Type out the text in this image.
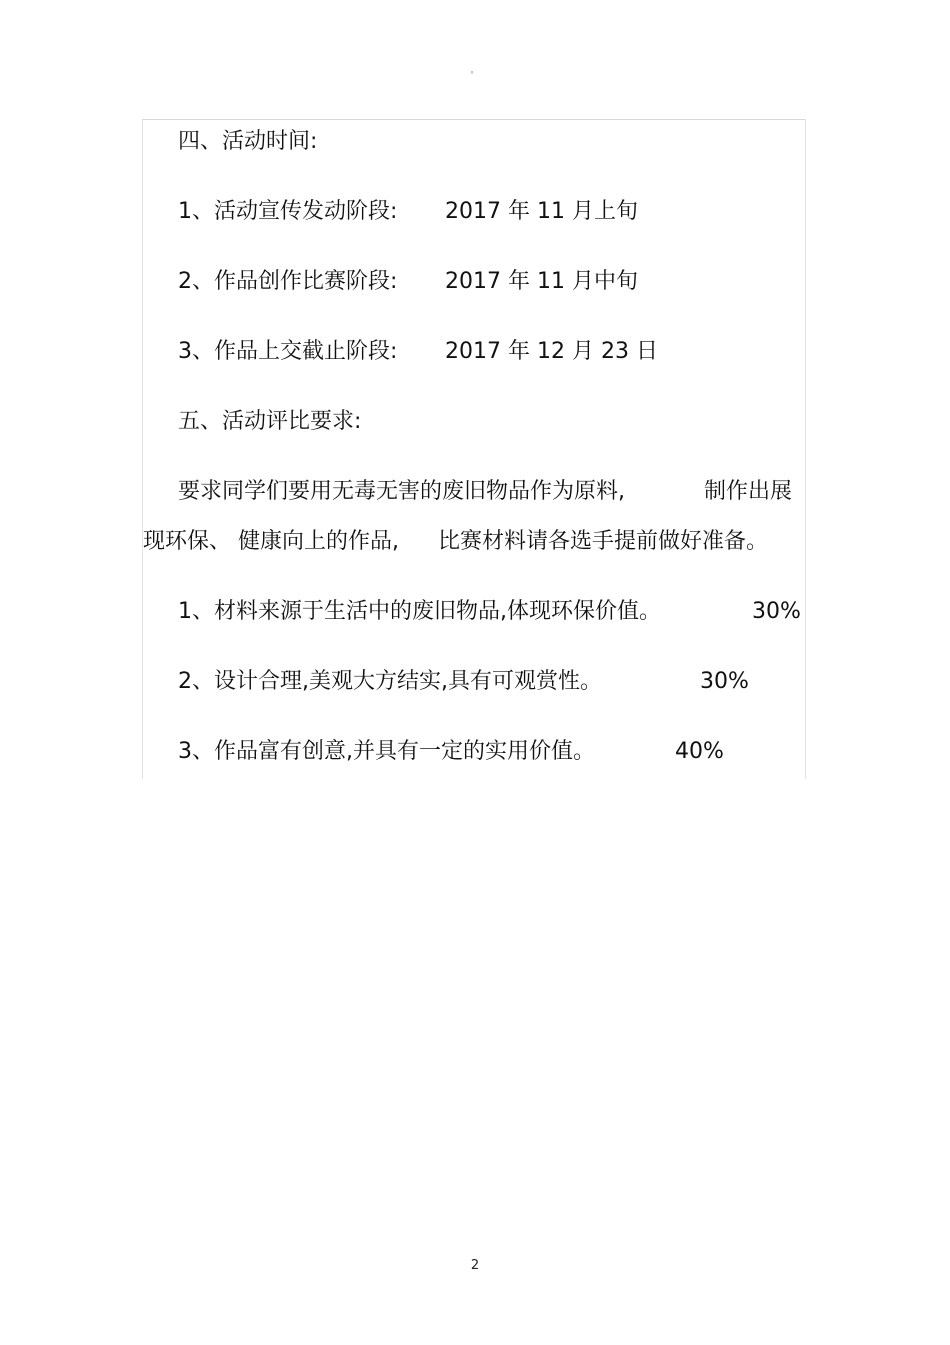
°
四、活动时间:
1、活动宣传发动阶段: 2017 年 11 月上旬
2、作品创作比赛阶段: 2017 年 11 月中旬
3、作品上交截止阶段: 2017 年 12 月 23 日
五、活动评比要求:
要求同学们要用无毒无害的废旧物品作为原料,	制作出展
现环保、 健康向上的作品, 比赛材料请各选手提前做好准备。
1、材料来源于生活中的废旧物品,体现环保价值。	30%
2、设计合理,美观大方结实,具有可观赏性。	30%
3、作品富有创意,并具有一定的实用价值。	40%
2
